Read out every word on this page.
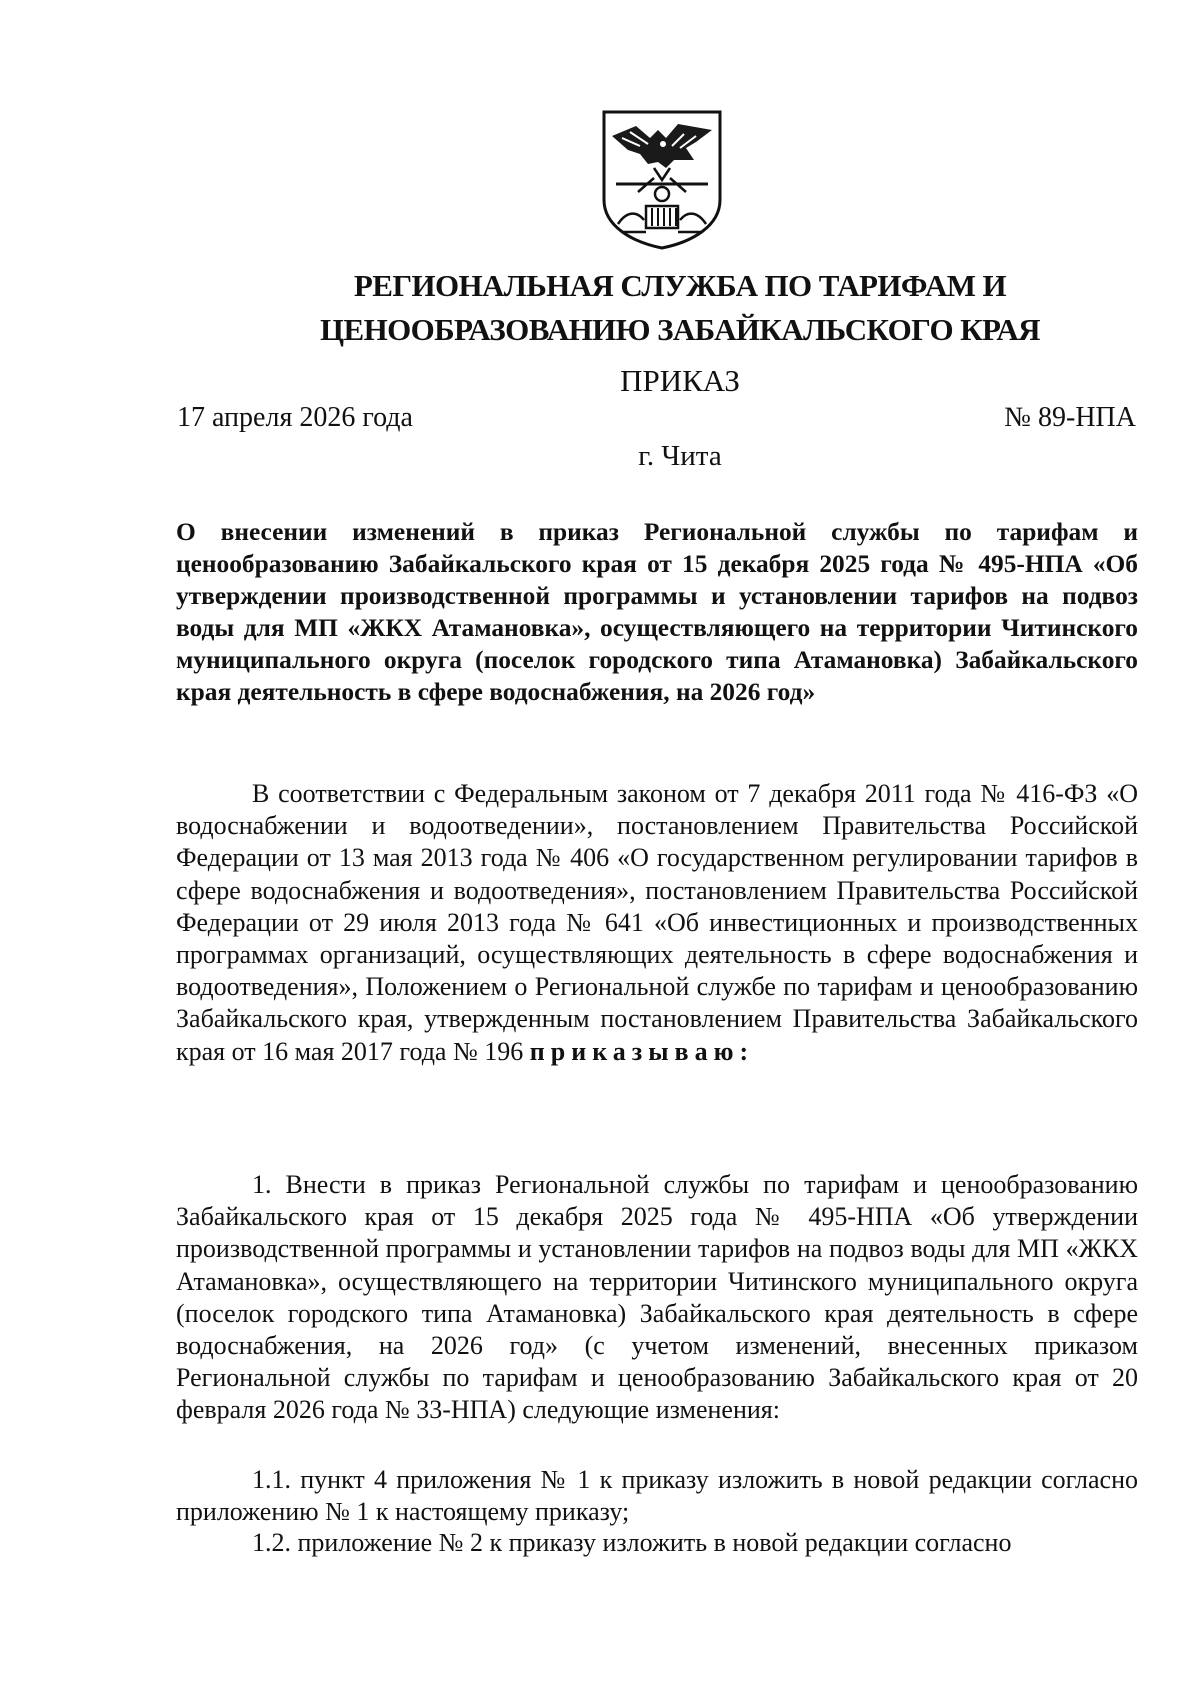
РЕГИОНАЛЬНАЯ СЛУЖБА ПО ТАРИФАМ И
ЦЕНООБРАЗОВАНИЮ ЗАБАЙКАЛЬСКОГО КРАЯ
ПРИКАЗ
17 апреля 2026 года	№ 89-НПА
г. Чита
О внесении изменений в приказ Региональной службы по тарифам и ценообразованию Забайкальского края от 15 декабря 2025 года № 495-НПА «Об утверждении производственной программы и установлении тарифов на подвоз воды для МП «ЖКХ Атамановка», осуществляющего на территории Читинского муниципального округа (поселок городского типа Атамановка) Забайкальского края деятельность в сфере водоснабжения, на 2026 год»
В соответствии с Федеральным законом от 7 декабря 2011 года № 416-ФЗ «О водоснабжении и водоотведении», постановлением Правительства Российской Федерации от 13 мая 2013 года № 406 «О государственном регулировании тарифов в сфере водоснабжения и водоотведения», постановлением Правительства Российской Федерации от 29 июля 2013 года № 641 «Об инвестиционных и производственных программах организаций, осуществляющих деятельность в сфере водоснабжения и водоотведения», Положением о Региональной службе по тарифам и ценообразованию Забайкальского края, утвержденным постановлением Правительства Забайкальского края от 16 мая 2017 года № 196 приказываю:
1. Внести в приказ Региональной службы по тарифам и ценообразованию Забайкальского края от 15 декабря 2025 года № 495-НПА «Об утверждении производственной программы и установлении тарифов на подвоз воды для МП «ЖКХ Атамановка», осуществляющего на территории Читинского муниципального округа (поселок городского типа Атамановка) Забайкальского края деятельность в сфере водоснабжения, на 2026 год» (с учетом изменений, внесенных приказом Региональной службы по тарифам и ценообразованию Забайкальского края от 20 февраля 2026 года № 33-НПА) следующие изменения:
1.1. пункт 4 приложения № 1 к приказу изложить в новой редакции согласно приложению № 1 к настоящему приказу;
1.2. приложение № 2 к приказу изложить в новой редакции согласно
